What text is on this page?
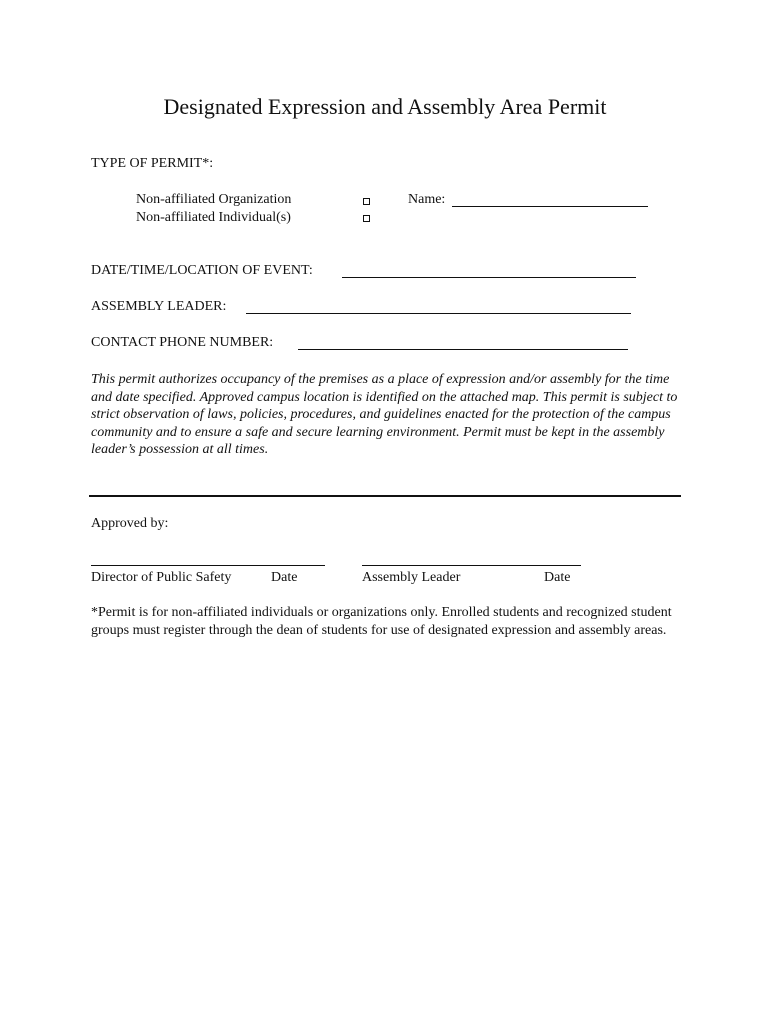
Designated Expression and Assembly Area Permit
TYPE OF PERMIT*:
Non-affiliated Organization
Non-affiliated Individual(s)
Name:
DATE/TIME/LOCATION OF EVENT:
ASSEMBLY LEADER:
CONTACT PHONE NUMBER:
This permit authorizes occupancy of the premises as a place of expression and/or assembly for the time and date specified. Approved campus location is identified on the attached map. This permit is subject to strict observation of laws, policies, procedures, and guidelines enacted for the protection of the campus community and to ensure a safe and secure learning environment. Permit must be kept in the assembly leader’s possession at all times.
Approved by:
Director of Public Safety	Date	Assembly Leader	Date
*Permit is for non-affiliated individuals or organizations only. Enrolled students and recognized student groups must register through the dean of students for use of designated expression and assembly areas.
